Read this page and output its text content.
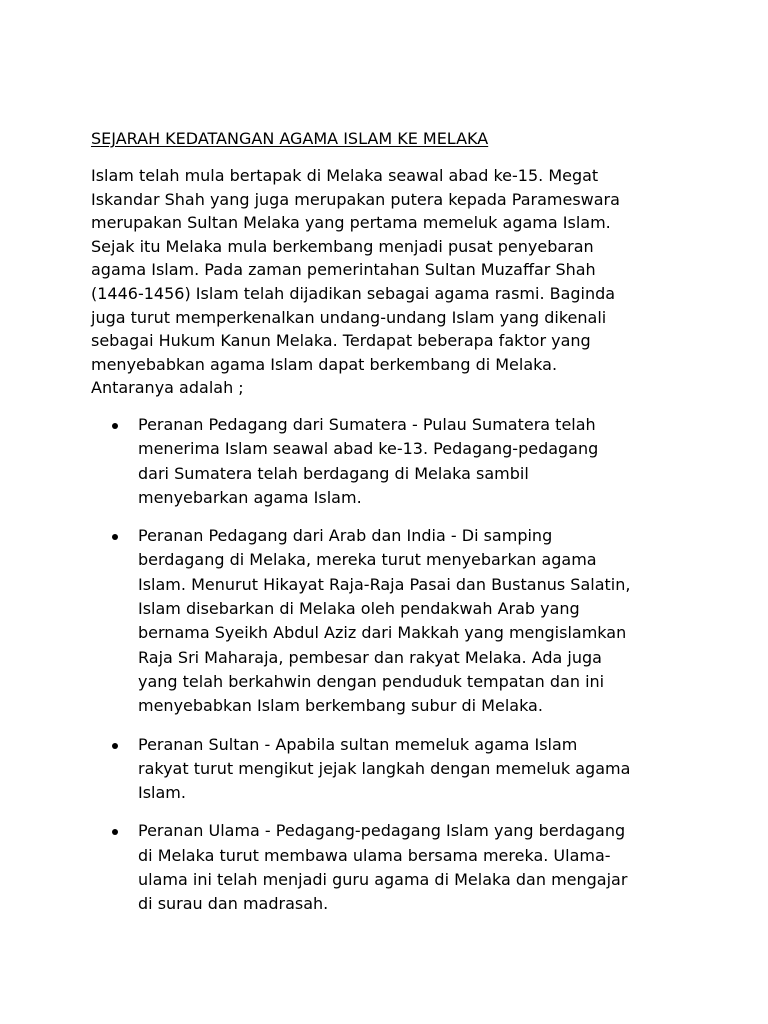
SEJARAH KEDATANGAN AGAMA ISLAM KE MELAKA

Islam telah mula bertapak di Melaka seawal abad ke-15. Megat
Iskandar Shah yang juga merupakan putera kepada Parameswara
merupakan Sultan Melaka yang pertama memeluk agama Islam.
Sejak itu Melaka mula berkembang menjadi pusat penyebaran
agama Islam. Pada zaman pemerintahan Sultan Muzaffar Shah
(1446-1456) Islam telah dijadikan sebagai agama rasmi. Baginda
juga turut memperkenalkan undang-undang Islam yang dikenali
sebagai Hukum Kanun Melaka. Terdapat beberapa faktor yang
menyebabkan agama Islam dapat berkembang di Melaka.
Antaranya adalah ;

Peranan Pedagang dari Sumatera - Pulau Sumatera telah
menerima Islam seawal abad ke-13. Pedagang-pedagang
dari Sumatera telah berdagang di Melaka sambil
menyebarkan agama Islam.
Peranan Pedagang dari Arab dan India - Di samping
berdagang di Melaka, mereka turut menyebarkan agama
Islam. Menurut Hikayat Raja-Raja Pasai dan Bustanus Salatin,
Islam disebarkan di Melaka oleh pendakwah Arab yang
bernama Syeikh Abdul Aziz dari Makkah yang mengislamkan
Raja Sri Maharaja, pembesar dan rakyat Melaka. Ada juga
yang telah berkahwin dengan penduduk tempatan dan ini
menyebabkan Islam berkembang subur di Melaka.
Peranan Sultan - Apabila sultan memeluk agama Islam
rakyat turut mengikut jejak langkah dengan memeluk agama
Islam.
Peranan Ulama - Pedagang-pedagang Islam yang berdagang
di Melaka turut membawa ulama bersama mereka. Ulama-
ulama ini telah menjadi guru agama di Melaka dan mengajar
di surau dan madrasah.
